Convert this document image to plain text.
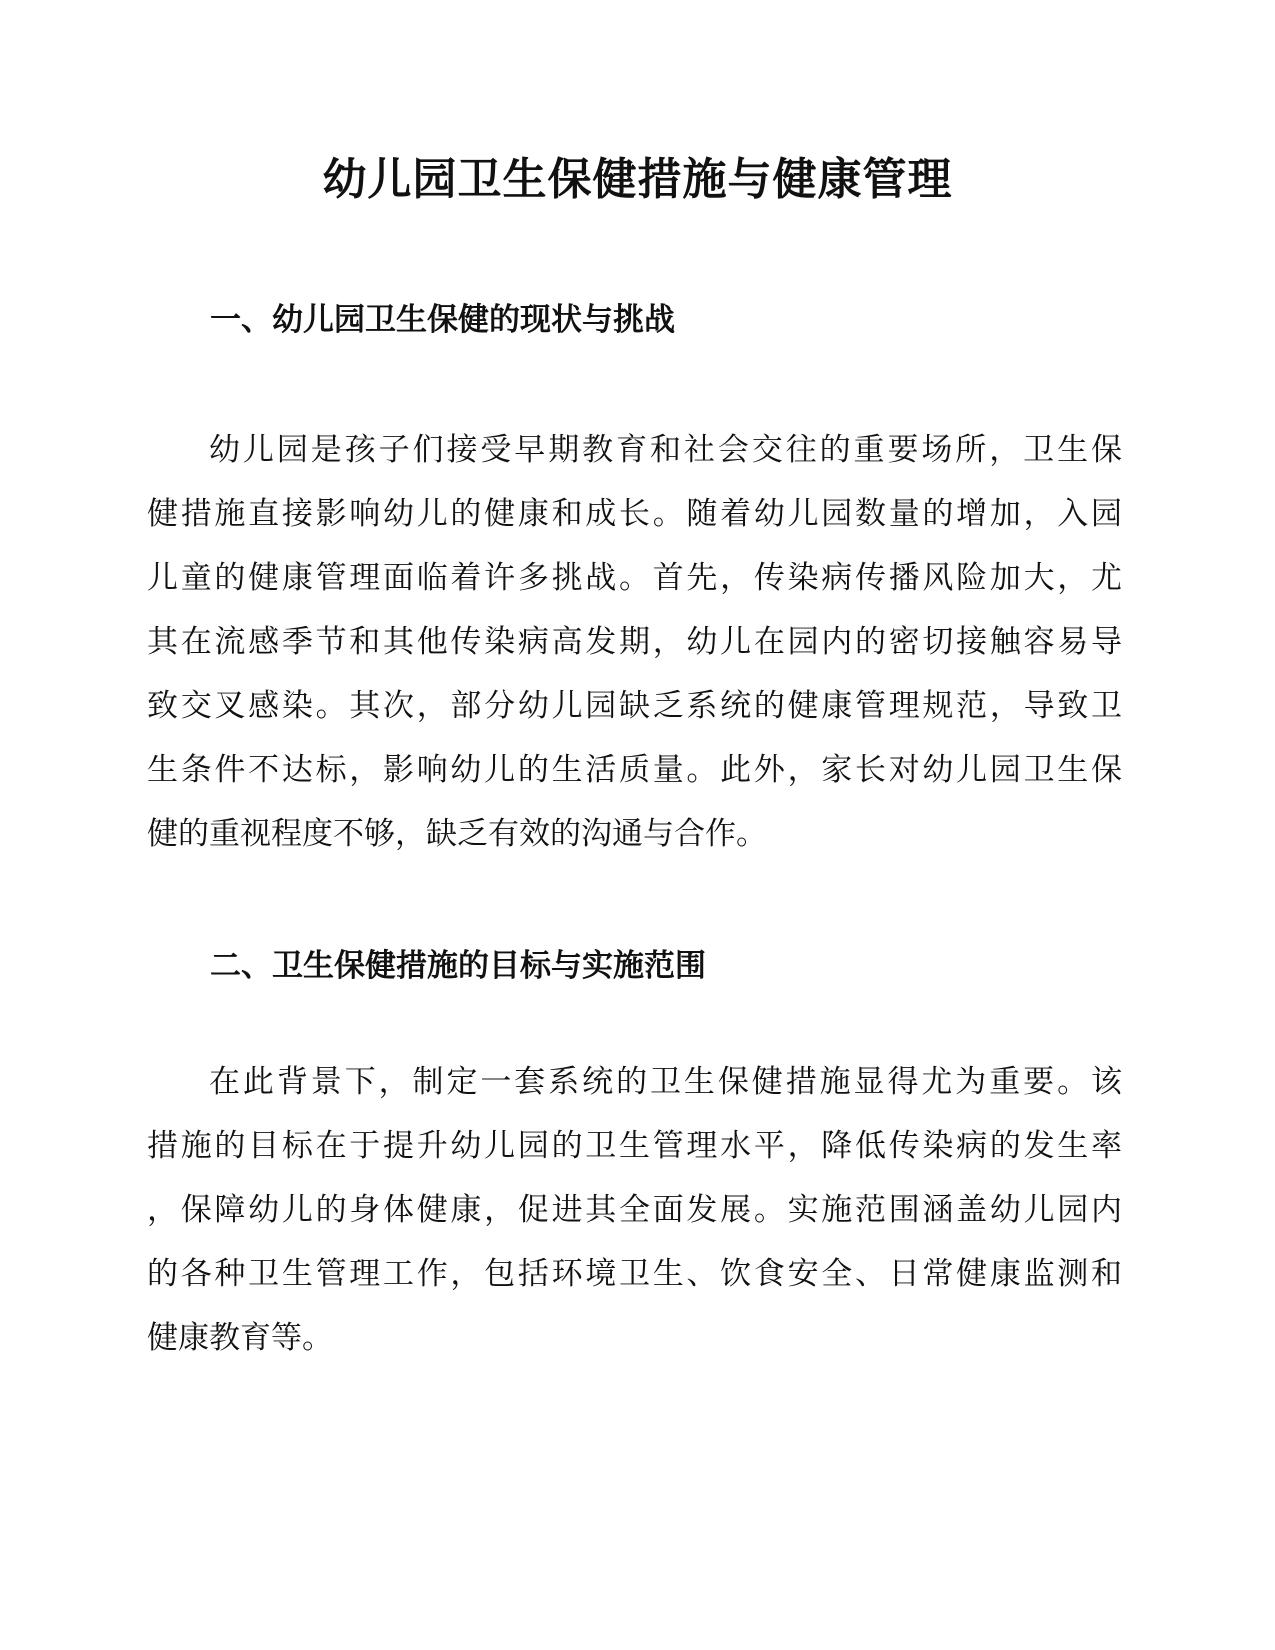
幼儿园卫生保健措施与健康管理
一、幼儿园卫生保健的现状与挑战
幼儿园是孩子们接受早期教育和社会交往的重要场所，卫生保
健措施直接影响幼儿的健康和成长。随着幼儿园数量的增加，入园
儿童的健康管理面临着许多挑战。首先，传染病传播风险加大，尤
其在流感季节和其他传染病高发期，幼儿在园内的密切接触容易导
致交叉感染。其次，部分幼儿园缺乏系统的健康管理规范，导致卫
生条件不达标，影响幼儿的生活质量。此外，家长对幼儿园卫生保
健的重视程度不够，缺乏有效的沟通与合作。
二、卫生保健措施的目标与实施范围
在此背景下，制定一套系统的卫生保健措施显得尤为重要。该
措施的目标在于提升幼儿园的卫生管理水平，降低传染病的发生率
，保障幼儿的身体健康，促进其全面发展。实施范围涵盖幼儿园内
的各种卫生管理工作，包括环境卫生、饮食安全、日常健康监测和
健康教育等。
